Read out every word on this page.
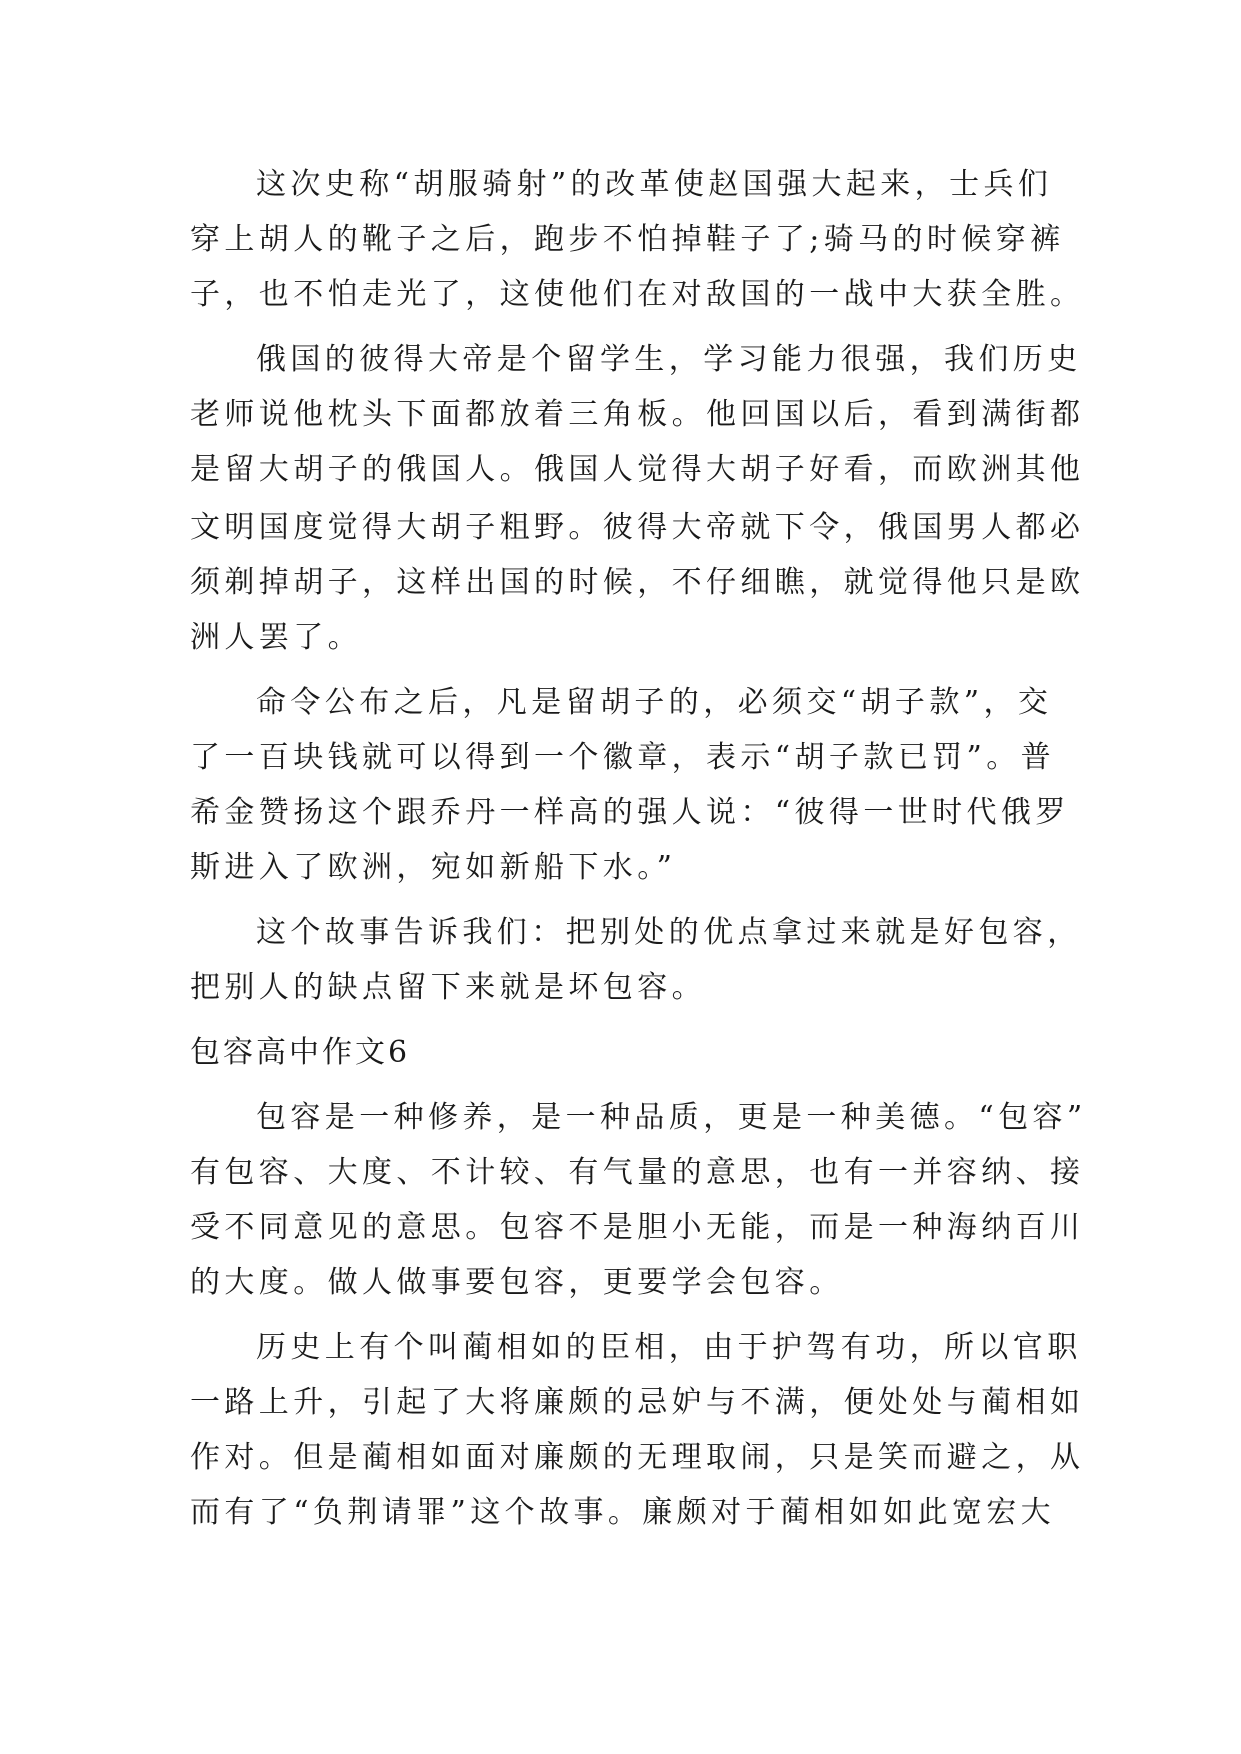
这次史称“胡服骑射”的改革使赵国强大起来，士兵们

穿上胡人的靴子之后，跑步不怕掉鞋子了;骑马的时候穿裤

子，也不怕走光了，这使他们在对敌国的一战中大获全胜。

俄国的彼得大帝是个留学生，学习能力很强，我们历史

老师说他枕头下面都放着三角板。他回国以后，看到满街都

是留大胡子的俄国人。俄国人觉得大胡子好看，而欧洲其他

文明国度觉得大胡子粗野。彼得大帝就下令，俄国男人都必

须剃掉胡子，这样出国的时候，不仔细瞧，就觉得他只是欧

洲人罢了。

命令公布之后，凡是留胡子的，必须交“胡子款”，交

了一百块钱就可以得到一个徽章，表示“胡子款已罚”。普

希金赞扬这个跟乔丹一样高的强人说：“彼得一世时代俄罗

斯进入了欧洲，宛如新船下水。”

这个故事告诉我们：把别处的优点拿过来就是好包容，

把别人的缺点留下来就是坏包容。

包容高中作文6

包容是一种修养，是一种品质，更是一种美德。“包容”

有包容、大度、不计较、有气量的意思，也有一并容纳、接

受不同意见的意思。包容不是胆小无能，而是一种海纳百川

的大度。做人做事要包容，更要学会包容。

历史上有个叫蔺相如的臣相，由于护驾有功，所以官职

一路上升，引起了大将廉颇的忌妒与不满，便处处与蔺相如

作对。但是蔺相如面对廉颇的无理取闹，只是笑而避之，从

而有了“负荆请罪”这个故事。廉颇对于蔺相如如此宽宏大
